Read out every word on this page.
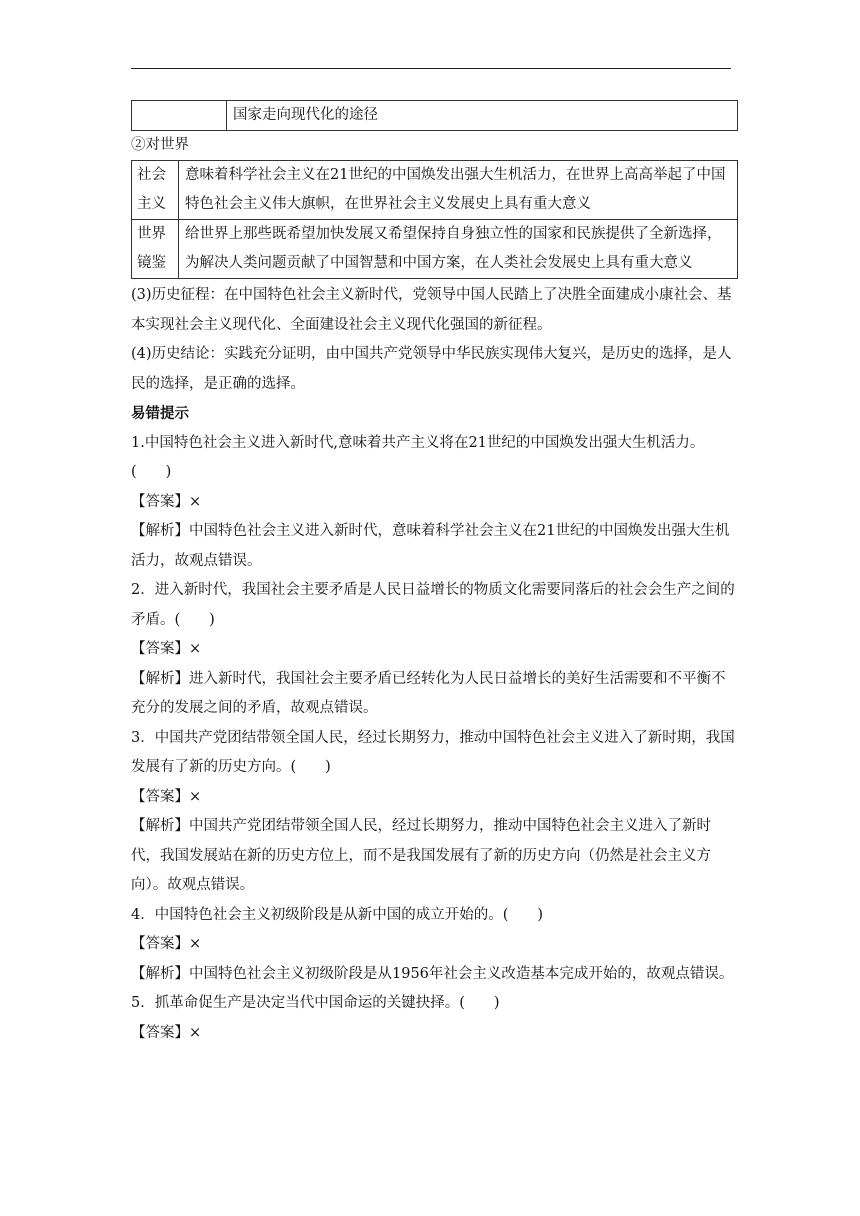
	国家走向现代化的途径

②对世界

社会主义	意味着科学社会主义在21世纪的中国焕发出强大生机活力，在世界上高高举起了中国特色社会主义伟大旗帜，在世界社会主义发展史上具有重大意义
世界镜鉴	给世界上那些既希望加快发展又希望保持自身独立性的国家和民族提供了全新选择，为解决人类问题贡献了中国智慧和中国方案，在人类社会发展史上具有重大意义

(3)历史征程：在中国特色社会主义新时代，党领导中国人民踏上了决胜全面建成小康社会、基本实现社会主义现代化、全面建设社会主义现代化强国的新征程。

(4)历史结论：实践充分证明，由中国共产党领导中华民族实现伟大复兴，是历史的选择，是人民的选择，是正确的选择。

易错提示

1.中国特色社会主义进入新时代,意味着共产主义将在21世纪的中国焕发出强大生机活力。(　　)

【答案】×

【解析】中国特色社会主义进入新时代，意味着科学社会主义在21世纪的中国焕发出强大生机活力，故观点错误。

2．进入新时代，我国社会主要矛盾是人民日益增长的物质文化需要同落后的社会会生产之间的矛盾。(　　)

【答案】×

【解析】进入新时代，我国社会主要矛盾已经转化为人民日益增长的美好生活需要和不平衡不充分的发展之间的矛盾，故观点错误。

3．中国共产党团结带领全国人民，经过长期努力，推动中国特色社会主义进入了新时期，我国发展有了新的历史方向。(　　)

【答案】×

【解析】中国共产党团结带领全国人民，经过长期努力，推动中国特色社会主义进入了新时代，我国发展站在新的历史方位上，而不是我国发展有了新的历史方向（仍然是社会主义方向）。故观点错误。

4．中国特色社会主义初级阶段是从新中国的成立开始的。(　　)

【答案】×

【解析】中国特色社会主义初级阶段是从1956年社会主义改造基本完成开始的，故观点错误。

5．抓革命促生产是决定当代中国命运的关键抉择。(　　)

【答案】×
